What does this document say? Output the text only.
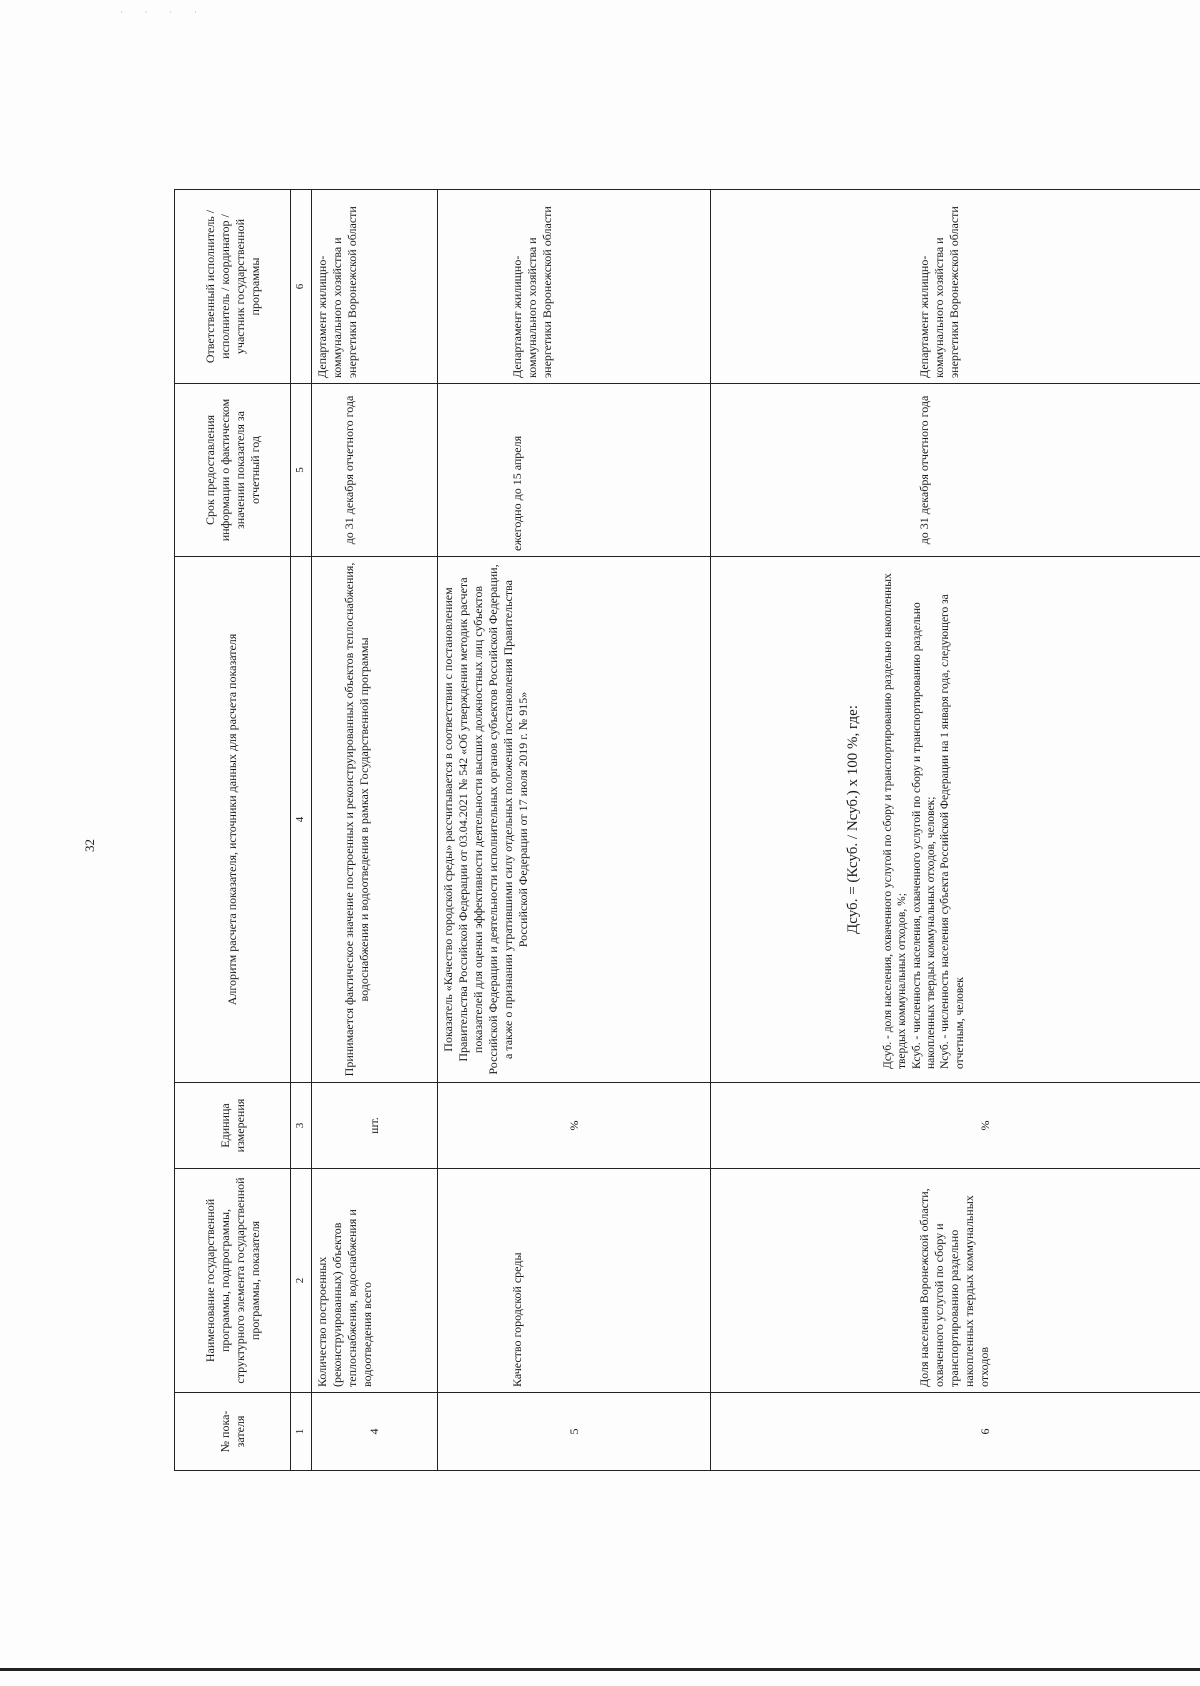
· · · ·
32
№ пока-зателя	Наименование государственной программы, подпрограммы, структурного элемента государственной программы, показателя	Единица измерения	Алгоритм расчета показателя, источники данных для расчета показателя	Срок предоставления информации о фактическом значении показателя за отчетный год	Ответственный исполнитель / исполнитель / координатор / участник государственной программы
1	2	3	4	5	6
4	Количество построенных (реконструированных) объектов теплоснабжения, водоснабжения и водоотведения всего	шт.	Принимается фактическое значение построенных и реконструированных объектов теплоснабжения, водоснабжения и водоотведения в рамках Государственной программы	до 31 декабря отчетного года	Департамент жилищно-коммунального хозяйства и энергетики Воронежской области
5	Качество городской среды	%	Показатель «Качество городской среды» рассчитывается в соответствии с постановлением Правительства Российской Федерации от 03.04.2021 № 542 «Об утверждении методик расчета показателей для оценки эффективности деятельности высших должностных лиц субъектов Российской Федерации и деятельности исполнительных органов субъектов Российской Федерации, а также о признании утратившими силу отдельных положений постановления Правительства Российской Федерации от 17 июля 2019 г. № 915»	ежегодно до 15 апреля	Департамент жилищно-коммунального хозяйства и энергетики Воронежской области
6	Доля населения Воронежской области, охваченного услугой по сбору и транспортированию раздельно накопленных твердых коммунальных отходов	%	Дсуб. = (Ксуб. / Nсуб.) x 100 %, где: Дсуб. - доля населения, охваченного услугой по сбору и транспортированию раздельно накопленных твердых коммунальных отходов, %; Ксуб. - численность населения, охваченного услугой по сбору и транспортированию раздельно накопленных твердых коммунальных отходов, человек; Nсуб. - численность населения субъекта Российской Федерации на 1 января года, следующего за отчетным, человек	до 31 декабря отчетного года	Департамент жилищно-коммунального хозяйства и энергетики Воронежской области
